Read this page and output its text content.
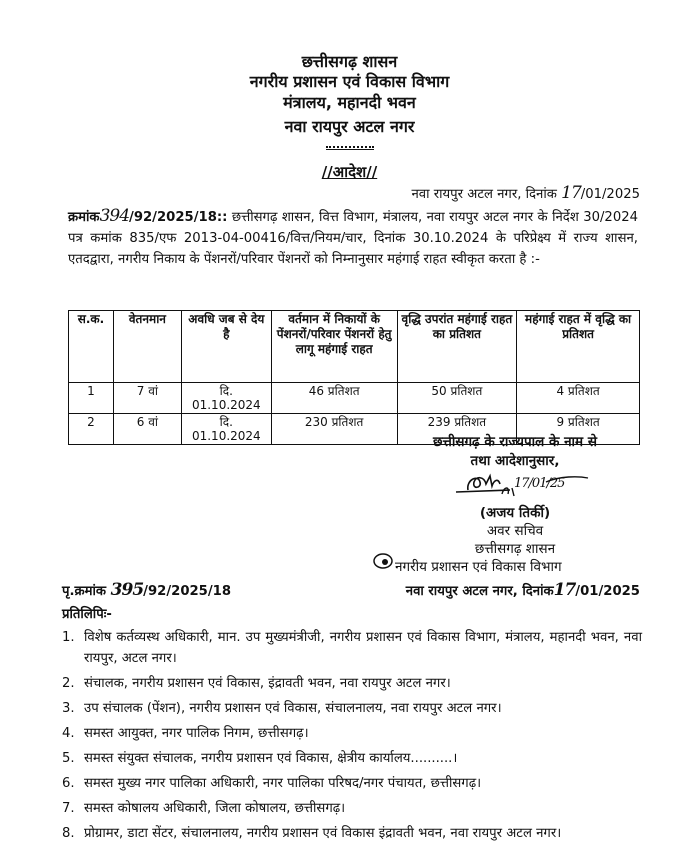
छत्तीसगढ़ शासन
नगरीय प्रशासन एवं विकास विभाग
मंत्रालय, महानदी भवन
नवा रायपुर अटल नगर
//आदेश//
नवा रायपुर अटल नगर, दिनांक 17/01/2025
क्रमांक394/92/2025/18:: छत्तीसगढ़ शासन, वित्त विभाग, मंत्रालय, नवा रायपुर अटल नगर के निर्देश 30/2024 पत्र कमांक 835/एफ 2013-04-00416/वित्त/नियम/चार, दिनांक 30.10.2024 के परिप्रेक्ष्य में राज्य शासन, एतदद्वारा, नगरीय निकाय के पेंशनरों/परिवार पेंशनरों को निम्नानुसार महंगाई राहत स्वीकृत करता है :-
स.क.	वेतनमान	अवधि जब से देय है	वर्तमान में निकायों के पेंशनरों/परिवार पेंशनरों हेतु लागू महंगाई राहत	वृद्धि उपरांत महंगाई राहत का प्रतिशत	महंगाई राहत में वृद्धि का प्रतिशत
1	7 वां	दि. 01.10.2024	46 प्रतिशत	50 प्रतिशत	4 प्रतिशत
2	6 वां	दि. 01.10.2024	230 प्रतिशत	239 प्रतिशत	9 प्रतिशत
छत्तीसगढ़ के राज्यपाल के नाम से
तथा आदेशानुसार,
17/01/25
(अजय तिर्की)
अवर सचिव
छत्तीसगढ़ शासन
नगरीय प्रशासन एवं विकास विभाग
पृ.क्रमांक 395/92/2025/18	नवा रायपुर अटल नगर, दिनांक17/01/2025
प्रतिलिपिः-
1. विशेष कर्तव्यस्थ अधिकारी, मान. उप मुख्यमंत्रीजी, नगरीय प्रशासन एवं विकास विभाग, मंत्रालय, महानदी भवन, नवा रायपुर, अटल नगर।
2. संचालक, नगरीय प्रशासन एवं विकास, इंद्रावती भवन, नवा रायपुर अटल नगर।
3. उप संचालक (पेंशन), नगरीय प्रशासन एवं विकास, संचालनालय, नवा रायपुर अटल नगर।
4. समस्त आयुक्त, नगर पालिक निगम, छत्तीसगढ़।
5. समस्त संयुक्त संचालक, नगरीय प्रशासन एवं विकास, क्षेत्रीय कार्यालय..........।
6. समस्त मुख्य नगर पालिका अधिकारी, नगर पालिका परिषद/नगर पंचायत, छत्तीसगढ़।
7. समस्त कोषालय अधिकारी, जिला कोषालय, छत्तीसगढ़।
8. प्रोग्रामर, डाटा सेंटर, संचालनालय, नगरीय प्रशासन एवं विकास इंद्रावती भवन, नवा रायपुर अटल नगर।
